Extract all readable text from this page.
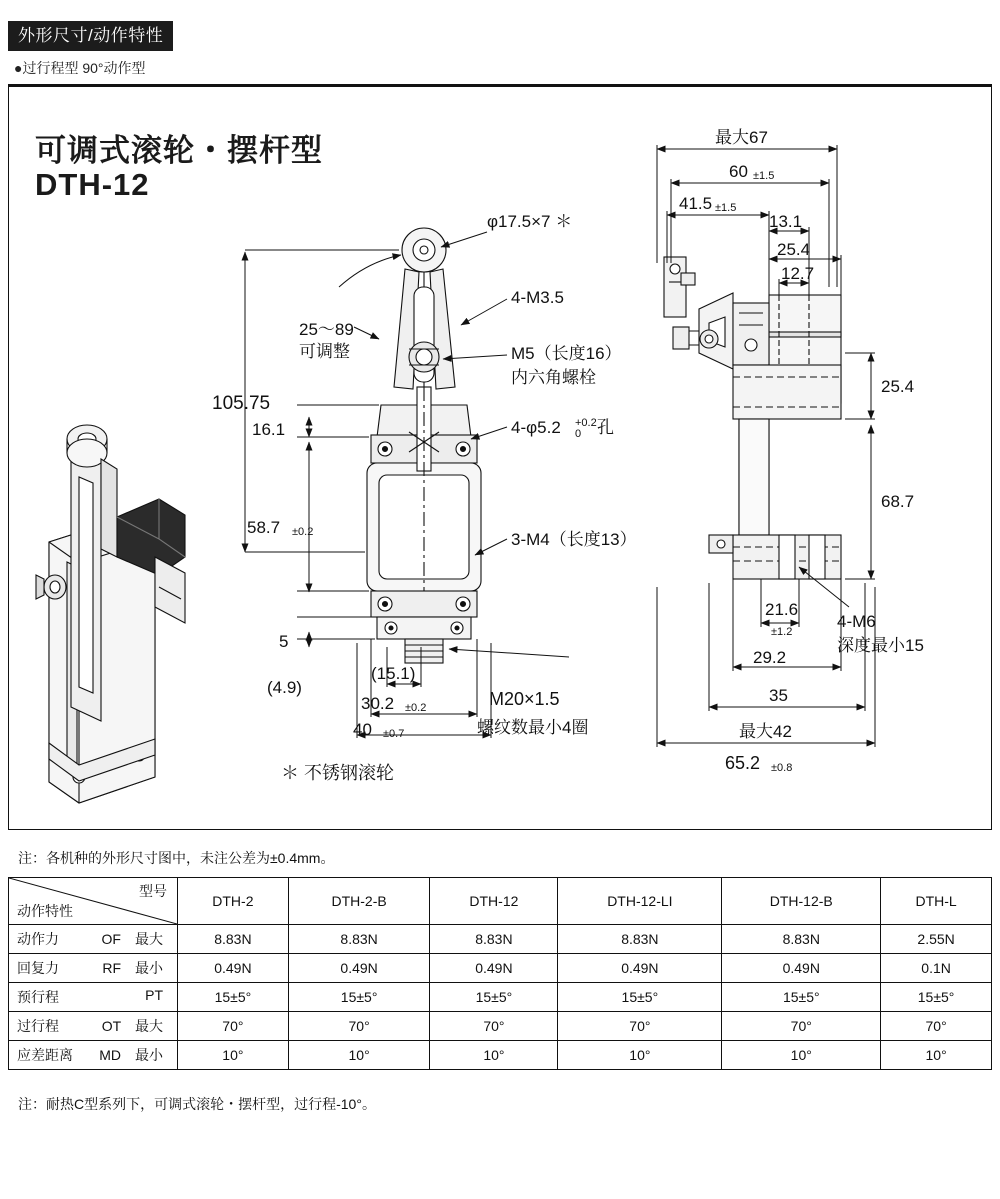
外形尺寸/动作特性
●过行程型 90°动作型
可调式滚轮・摆杆型
DTH-12
φ17.5×7 ＊
4-M3.5
25～89
可调整	M5（长度16）
内六角螺栓
4-φ5.2 +0.2
0 孔
3-M4（长度13）
105.75
16.1
58.7 ±0.2
5
(4.9)
(15.1)
30.2 ±0.2
40 ±0.7
M20×1.5
螺纹数最小4圈
＊ 不锈钢滚轮
最大67
60 ±1.5
41.5 ±1.5
13.1
25.4
12.7
25.4
68.7
21.6
±1.2
29.2
4-M6
深度最小15
35
最大42
65.2 ±0.8
注：各机种的外形尺寸图中，未注公差为±0.4mm。
型号
动作特性	DTH-2	DTH-2-B	DTH-12	DTH-12-LI	DTH-12-B	DTH-L
动作力 OF　最大	8.83N	8.83N	8.83N	8.83N	8.83N	2.55N
回复力 RF　最小	0.49N	0.49N	0.49N	0.49N	0.49N	0.1N
预行程 PT	15±5°	15±5°	15±5°	15±5°	15±5°	15±5°
过行程 OT　最大	70°	70°	70°	70°	70°	70°
应差距离 MD　最小	10°	10°	10°	10°	10°	10°
注：耐热C型系列下，可调式滚轮・摆杆型，过行程-10°。
